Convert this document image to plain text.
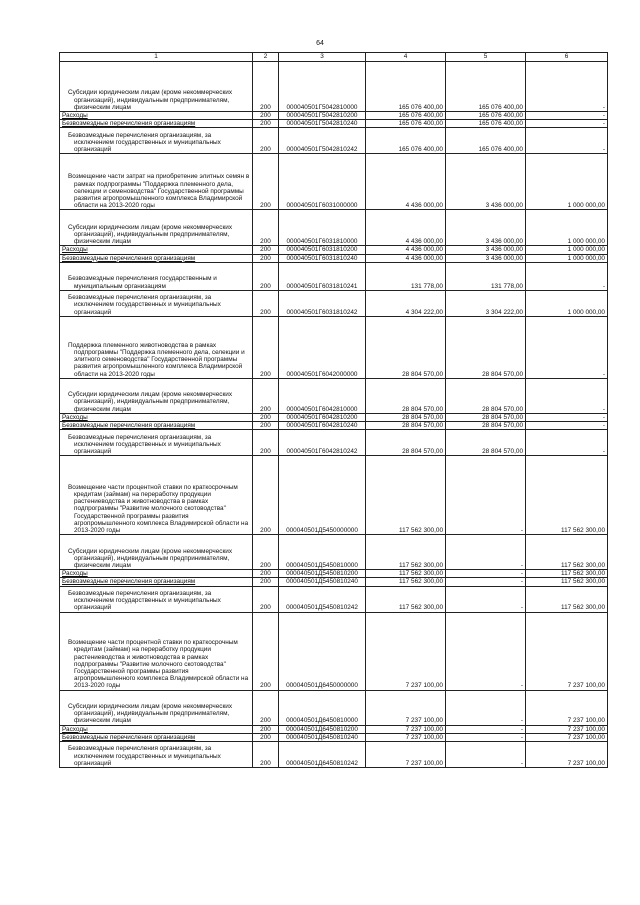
64
1	2	3	4	5	6
Субсидии юридическим лицам (кроме некоммерческих организаций), индивидуальным предпринимателям, физическим лицам	200	000040501Г5042810000	165 076 400,00	165 076 400,00	-
Расходы	200	000040501Г5042810200	165 076 400,00	165 076 400,00	-
Безвозмездные перечисления организациям	200	000040501Г5042810240	165 076 400,00	165 076 400,00	-
Безвозмездные перечисления организациям, за исключением государственных и муниципальных организаций	200	000040501Г5042810242	165 076 400,00	165 076 400,00	-
Возмещение части затрат на приобретение элитных семян в рамках подпрограммы "Поддержка племенного дела, селекции и семеноводства" Государственной программы развития агропромышленного комплекса Владимирской области на 2013-2020 годы	200	000040501Г6031000000	4 436 000,00	3 436 000,00	1 000 000,00
Субсидии юридическим лицам (кроме некоммерческих организаций), индивидуальным предпринимателям, физическим лицам	200	000040501Г6031810000	4 436 000,00	3 436 000,00	1 000 000,00
Расходы	200	000040501Г6031810200	4 436 000,00	3 436 000,00	1 000 000,00
Безвозмездные перечисления организациям	200	000040501Г6031810240	4 436 000,00	3 436 000,00	1 000 000,00
Безвозмездные перечисления государственным и муниципальным организациям	200	000040501Г6031810241	131 778,00	131 778,00	-
Безвозмездные перечисления организациям, за исключением государственных и муниципальных организаций	200	000040501Г6031810242	4 304 222,00	3 304 222,00	1 000 000,00
Поддержка племенного животноводства в рамках подпрограммы "Поддержка племенного дела, селекции и элитного семеноводства" Государственной программы развития агропромышленного комплекса Владимирской области на 2013-2020 годы	200	000040501Г6042000000	28 804 570,00	28 804 570,00	-
Субсидии юридическим лицам (кроме некоммерческих организаций), индивидуальным предпринимателям, физическим лицам	200	000040501Г6042810000	28 804 570,00	28 804 570,00	-
Расходы	200	000040501Г6042810200	28 804 570,00	28 804 570,00	-
Безвозмездные перечисления организациям	200	000040501Г6042810240	28 804 570,00	28 804 570,00	-
Безвозмездные перечисления организациям, за исключением государственных и муниципальных организаций	200	000040501Г6042810242	28 804 570,00	28 804 570,00	-
Возмещение части процентной ставки по краткосрочным кредитам (займам) на переработку продукции растениеводства и животноводства в рамках подпрограммы "Развитие молочного скотоводства" Государственной программы развития агропромышленного комплекса Владимирской области на 2013-2020 годы	200	000040501Д5450000000	117 562 300,00	-	117 562 300,00
Субсидии юридическим лицам (кроме некоммерческих организаций), индивидуальным предпринимателям, физическим лицам	200	000040501Д5450810000	117 562 300,00	-	117 562 300,00
Расходы	200	000040501Д5450810200	117 562 300,00	-	117 562 300,00
Безвозмездные перечисления организациям	200	000040501Д5450810240	117 562 300,00	-	117 562 300,00
Безвозмездные перечисления организациям, за исключением государственных и муниципальных организаций	200	000040501Д5450810242	117 562 300,00	-	117 562 300,00
Возмещение части процентной ставки по краткосрочным кредитам (займам) на переработку продукции растениеводства и животноводства в рамках подпрограммы "Развитие молочного скотоводства" Государственной программы развития агропромышленного комплекса Владимирской области на 2013-2020 годы	200	000040501Д6450000000	7 237 100,00	-	7 237 100,00
Субсидии юридическим лицам (кроме некоммерческих организаций), индивидуальным предпринимателям, физическим лицам	200	000040501Д6450810000	7 237 100,00	-	7 237 100,00
Расходы	200	000040501Д6450810200	7 237 100,00	-	7 237 100,00
Безвозмездные перечисления организациям	200	000040501Д6450810240	7 237 100,00	-	7 237 100,00
Безвозмездные перечисления организациям, за исключением государственных и муниципальных организаций	200	000040501Д6450810242	7 237 100,00	-	7 237 100,00
